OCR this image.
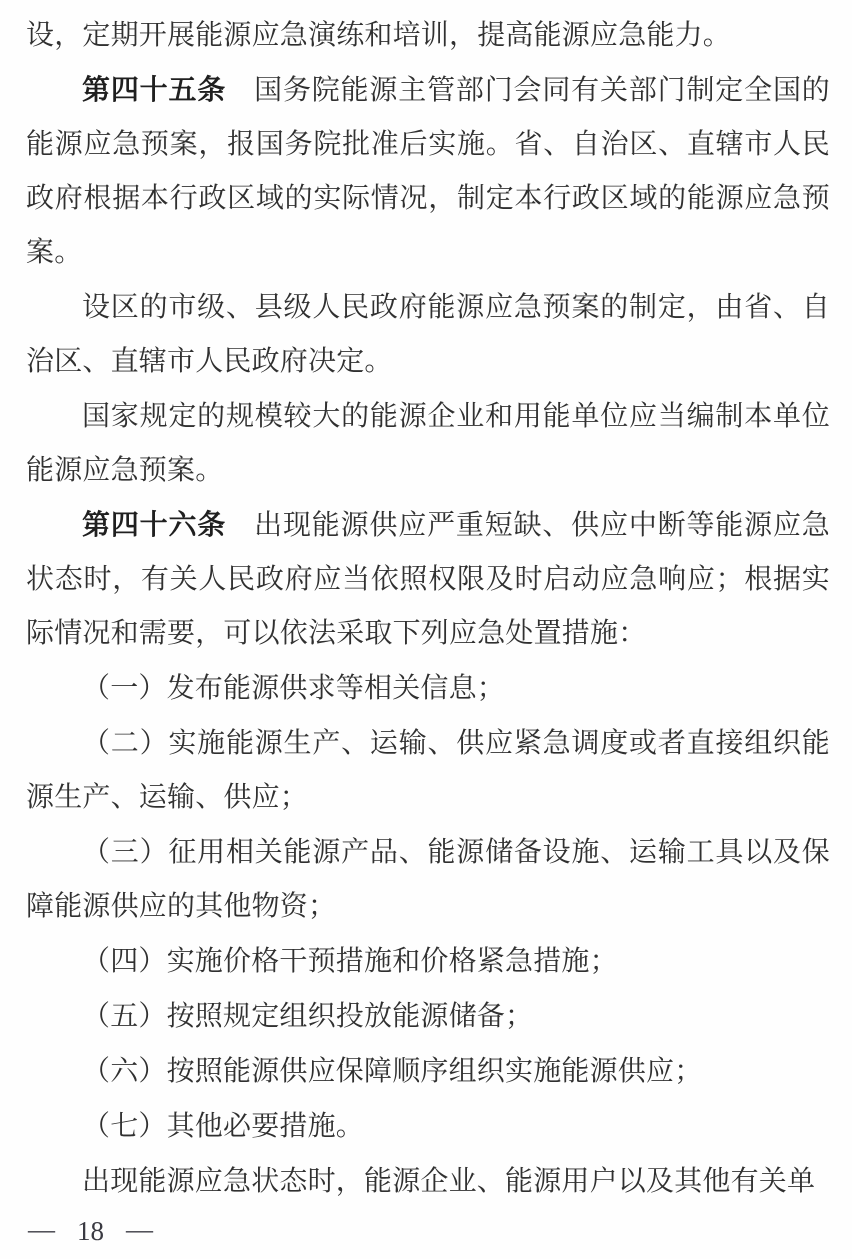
设，定期开展能源应急演练和培训，提高能源应急能力。

第四十五条 国务院能源主管部门会同有关部门制定全国的能源应急预案，报国务院批准后实施。省、自治区、直辖市人民政府根据本行政区域的实际情况，制定本行政区域的能源应急预案。

设区的市级、县级人民政府能源应急预案的制定，由省、自治区、直辖市人民政府决定。

国家规定的规模较大的能源企业和用能单位应当编制本单位能源应急预案。

第四十六条 出现能源供应严重短缺、供应中断等能源应急状态时，有关人民政府应当依照权限及时启动应急响应；根据实际情况和需要，可以依法采取下列应急处置措施：

（一）发布能源供求等相关信息；

（二）实施能源生产、运输、供应紧急调度或者直接组织能源生产、运输、供应；

（三）征用相关能源产品、能源储备设施、运输工具以及保障能源供应的其他物资；

（四）实施价格干预措施和价格紧急措施；

（五）按照规定组织投放能源储备；

（六）按照能源供应保障顺序组织实施能源供应；

（七）其他必要措施。

出现能源应急状态时，能源企业、能源用户以及其他有关单

— 18 —
